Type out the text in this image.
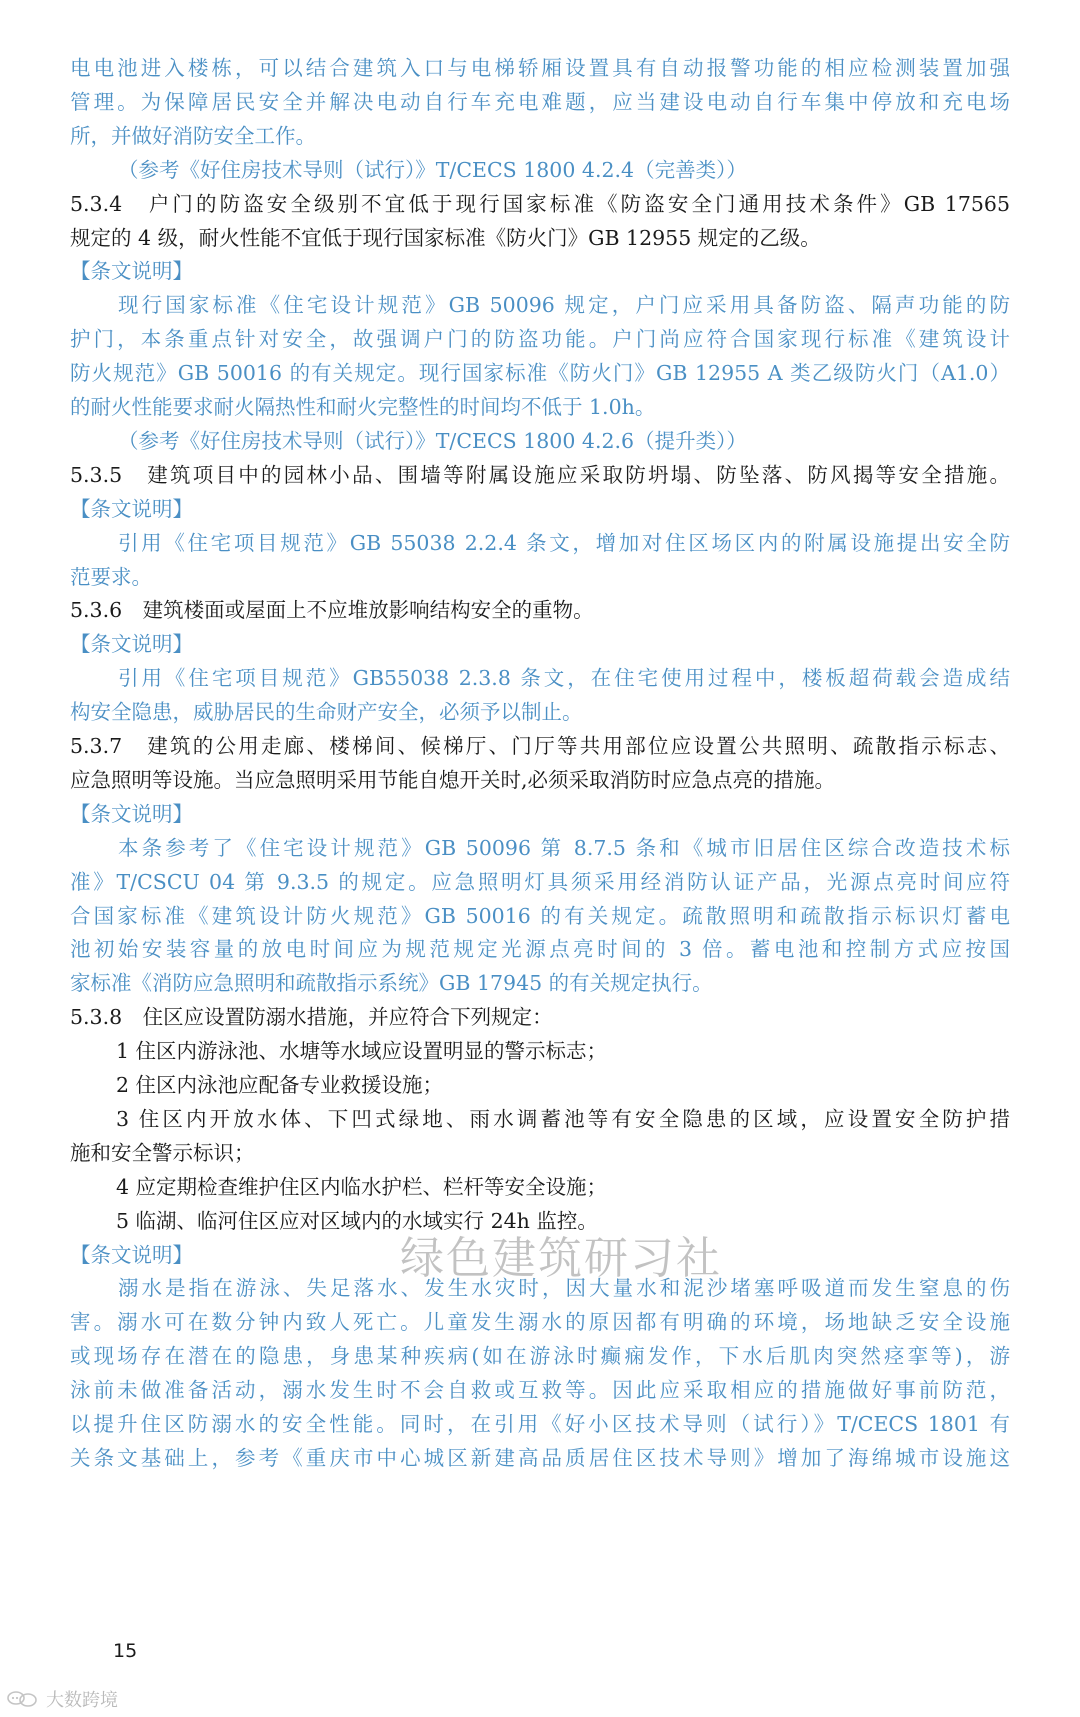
电电池进入楼栋，可以结合建筑入口与电梯轿厢设置具有自动报警功能的相应检测装置加强
管理。为保障居民安全并解决电动自行车充电难题，应当建设电动自行车集中停放和充电场
所，并做好消防安全工作。
（参考《好住房技术导则（试行）》T/CECS 1800 4.2.4（完善类））
5.3.4　户门的防盗安全级别不宜低于现行国家标准《防盗安全门通用技术条件》GB 17565
规定的 4 级，耐火性能不宜低于现行国家标准《防火门》GB 12955 规定的乙级。
【条文说明】
现行国家标准《住宅设计规范》GB 50096 规定，户门应采用具备防盗、隔声功能的防
护门，本条重点针对安全，故强调户门的防盗功能。户门尚应符合国家现行标准《建筑设计
防火规范》GB 50016 的有关规定。现行国家标准《防火门》GB 12955 A 类乙级防火门（A1.0）
的耐火性能要求耐火隔热性和耐火完整性的时间均不低于 1.0h。
（参考《好住房技术导则（试行）》T/CECS 1800 4.2.6（提升类））
5.3.5　建筑项目中的园林小品、围墙等附属设施应采取防坍塌、防坠落、防风揭等安全措施。
【条文说明】
引用《住宅项目规范》GB 55038 2.2.4 条文，增加对住区场区内的附属设施提出安全防
范要求。
5.3.6　建筑楼面或屋面上不应堆放影响结构安全的重物。
【条文说明】
引用《住宅项目规范》GB55038 2.3.8 条文，在住宅使用过程中，楼板超荷载会造成结
构安全隐患，威胁居民的生命财产安全，必须予以制止。
5.3.7　建筑的公用走廊、楼梯间、候梯厅、门厅等共用部位应设置公共照明、疏散指示标志、
应急照明等设施。当应急照明采用节能自熄开关时,必须采取消防时应急点亮的措施。
【条文说明】
本条参考了《住宅设计规范》GB 50096 第 8.7.5 条和《城市旧居住区综合改造技术标
准》T/CSCU 04 第 9.3.5 的规定。应急照明灯具须采用经消防认证产品，光源点亮时间应符
合国家标准《建筑设计防火规范》GB 50016 的有关规定。疏散照明和疏散指示标识灯蓄电
池初始安装容量的放电时间应为规范规定光源点亮时间的 3 倍。蓄电池和控制方式应按国
家标准《消防应急照明和疏散指示系统》GB 17945 的有关规定执行。
5.3.8　住区应设置防溺水措施，并应符合下列规定：
1 住区内游泳池、水塘等水域应设置明显的警示标志；
2 住区内泳池应配备专业救援设施；
3 住区内开放水体、下凹式绿地、雨水调蓄池等有安全隐患的区域，应设置安全防护措
施和安全警示标识；
4 应定期检查维护住区内临水护栏、栏杆等安全设施；
5 临湖、临河住区应对区域内的水域实行 24h 监控。
【条文说明】
溺水是指在游泳、失足落水、发生水灾时，因大量水和泥沙堵塞呼吸道而发生窒息的伤
害。溺水可在数分钟内致人死亡。儿童发生溺水的原因都有明确的环境，场地缺乏安全设施
或现场存在潜在的隐患，身患某种疾病(如在游泳时癫痫发作，下水后肌肉突然痉挛等)，游
泳前未做准备活动，溺水发生时不会自救或互救等。因此应采取相应的措施做好事前防范，
以提升住区防溺水的安全性能。同时，在引用《好小区技术导则（试行）》T/CECS 1801 有
关条文基础上，参考《重庆市中心城区新建高品质居住区技术导则》增加了海绵城市设施这
绿色建筑研习社
15
大数跨境
